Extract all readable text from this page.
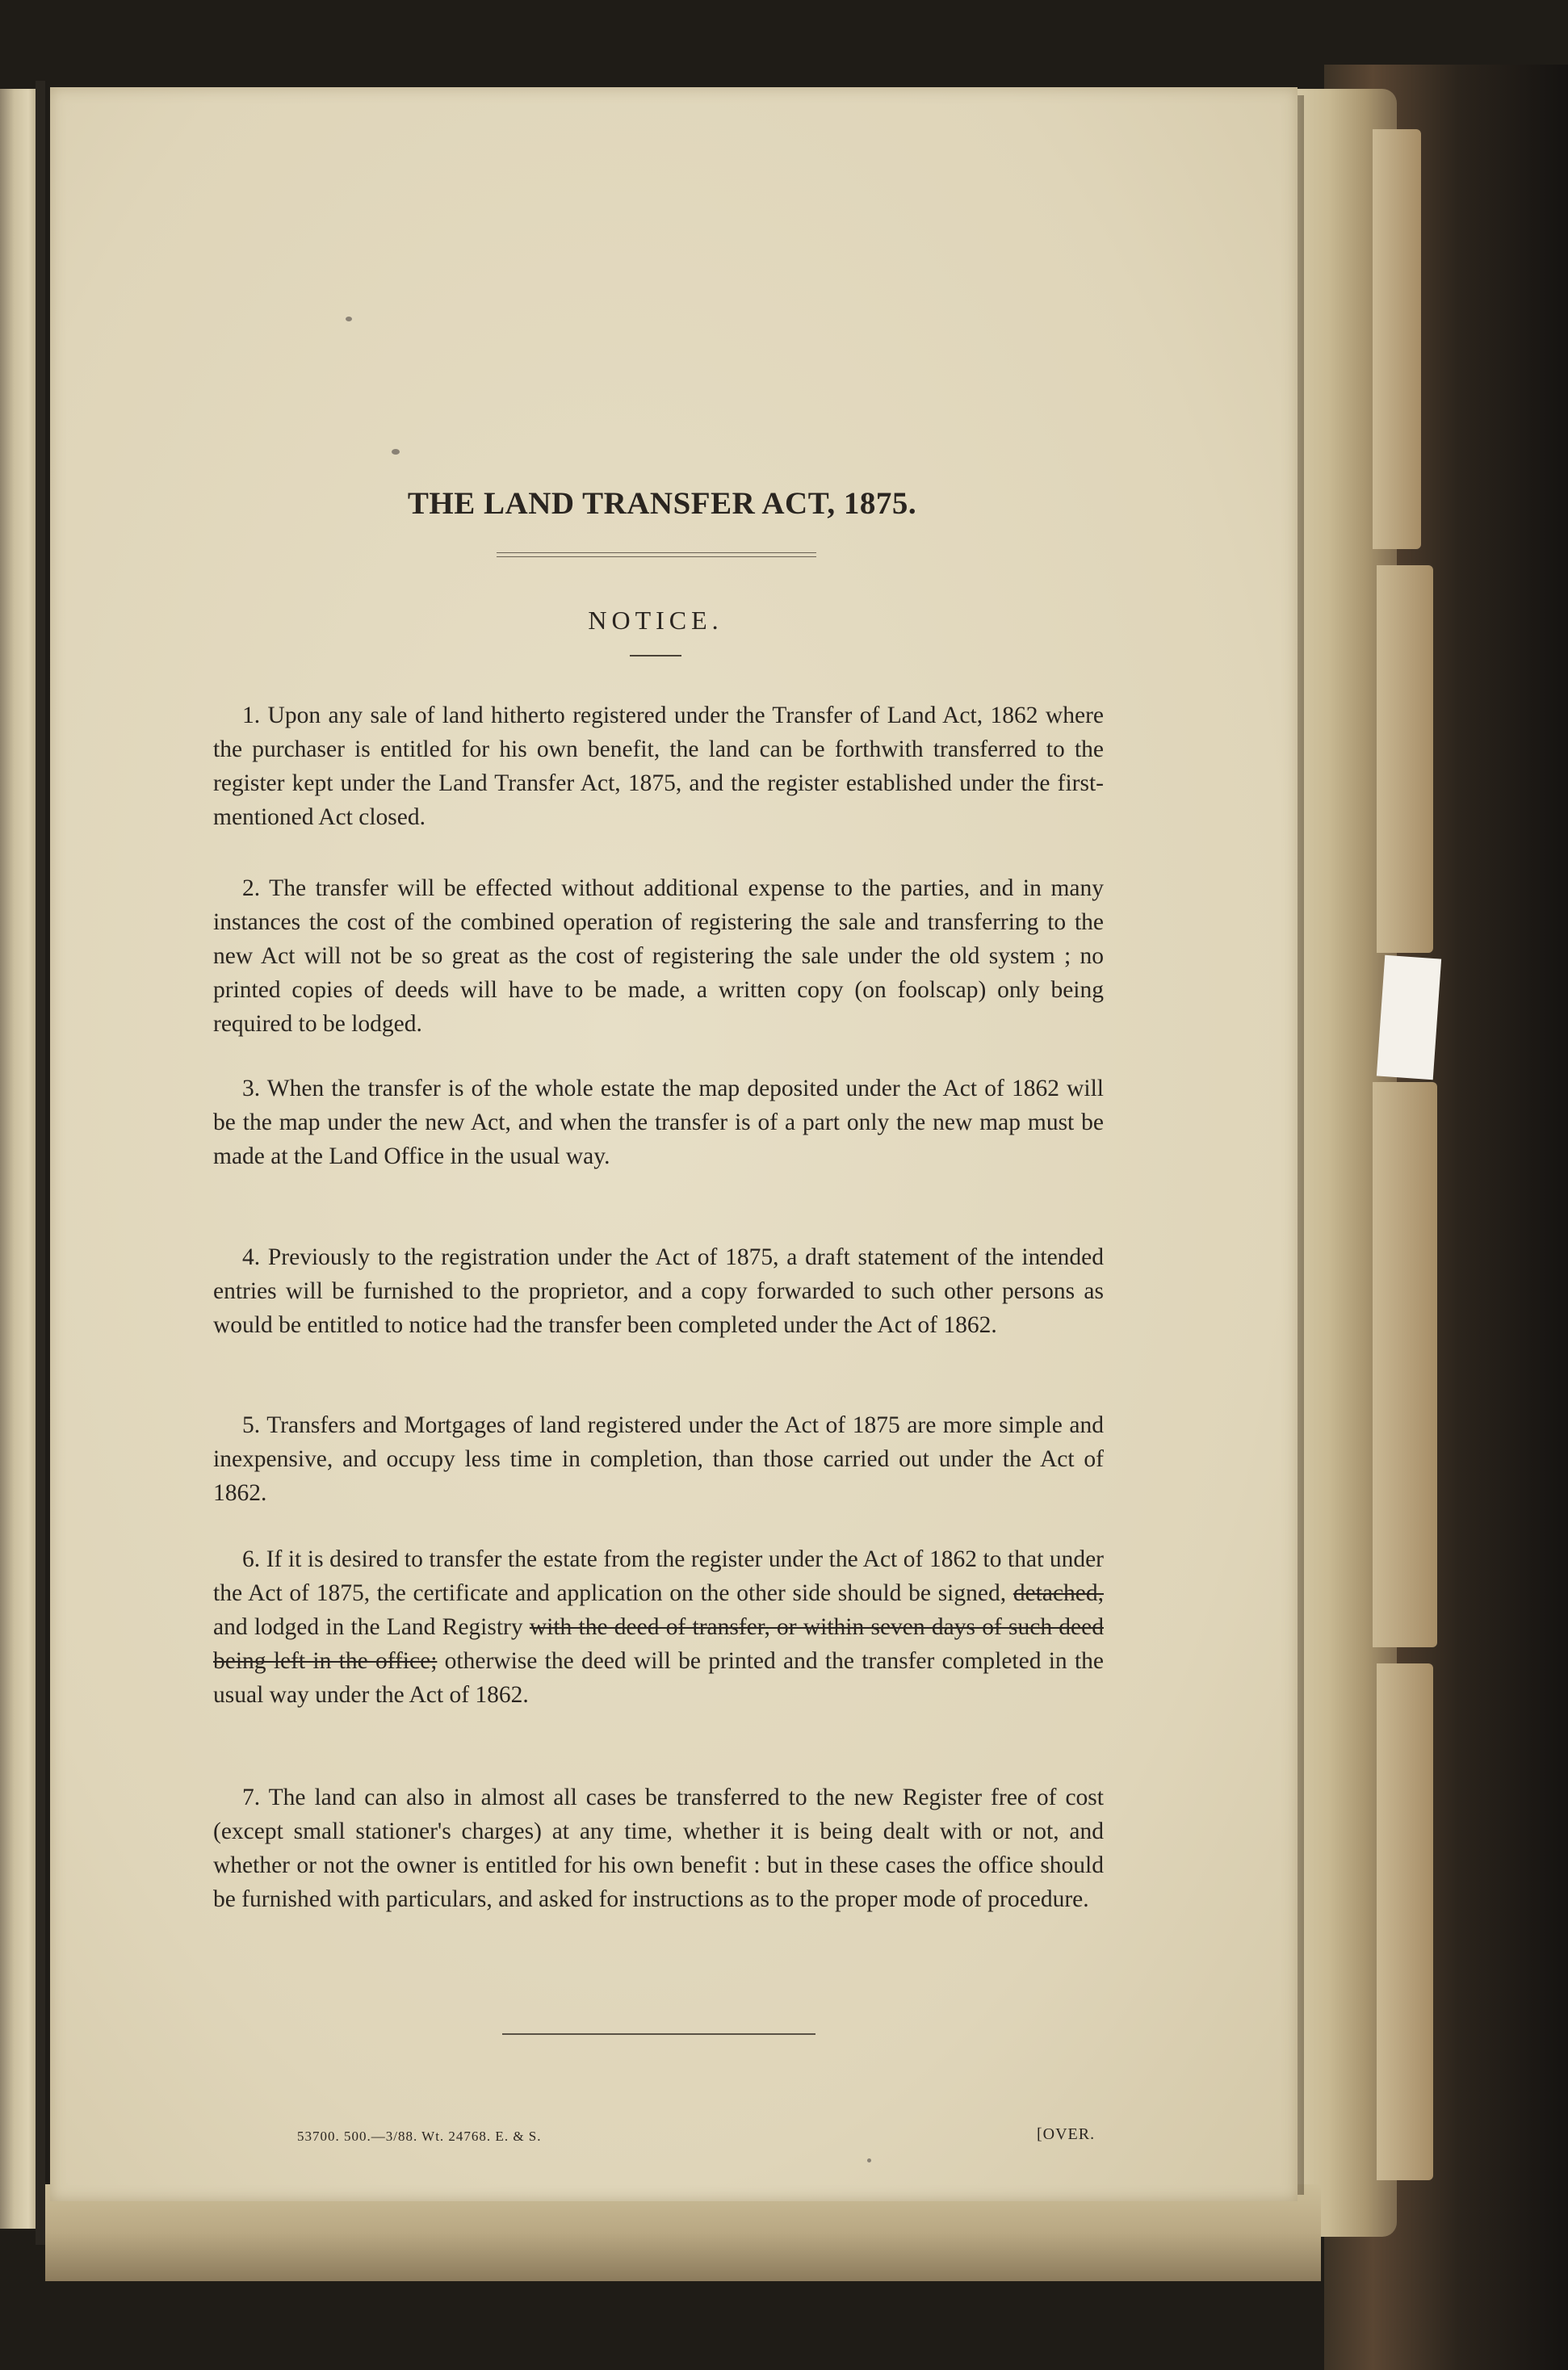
THE LAND TRANSFER ACT, 1875.
NOTICE.
1. Upon any sale of land hitherto registered under the Transfer of Land Act, 1862 where the purchaser is entitled for his own benefit, the land can be forthwith transferred to the register kept under the Land Transfer Act, 1875, and the register established under the first-mentioned Act closed.
2. The transfer will be effected without additional expense to the parties, and in many instances the cost of the combined operation of registering the sale and transferring to the new Act will not be so great as the cost of registering the sale under the old system ; no printed copies of deeds will have to be made, a written copy (on foolscap) only being required to be lodged.
3. When the transfer is of the whole estate the map deposited under the Act of 1862 will be the map under the new Act, and when the transfer is of a part only the new map must be made at the Land Office in the usual way.
4. Previously to the registration under the Act of 1875, a draft statement of the intended entries will be furnished to the proprietor, and a copy forwarded to such other persons as would be entitled to notice had the transfer been completed under the Act of 1862.
5. Transfers and Mortgages of land registered under the Act of 1875 are more simple and inexpensive, and occupy less time in completion, than those carried out under the Act of 1862.
6. If it is desired to transfer the estate from the register under the Act of 1862 to that under the Act of 1875, the certificate and application on the other side should be signed, detached, and lodged in the Land Registry with the deed of transfer, or within seven days of such deed being left in the office; otherwise the deed will be printed and the transfer completed in the usual way under the Act of 1862.
7. The land can also in almost all cases be transferred to the new Register free of cost (except small stationer's charges) at any time, whether it is being dealt with or not, and whether or not the owner is entitled for his own benefit : but in these cases the office should be furnished with particulars, and asked for instructions as to the proper mode of procedure.
53700. 500.—3/88. Wt. 24768. E. & S.	[OVER.
